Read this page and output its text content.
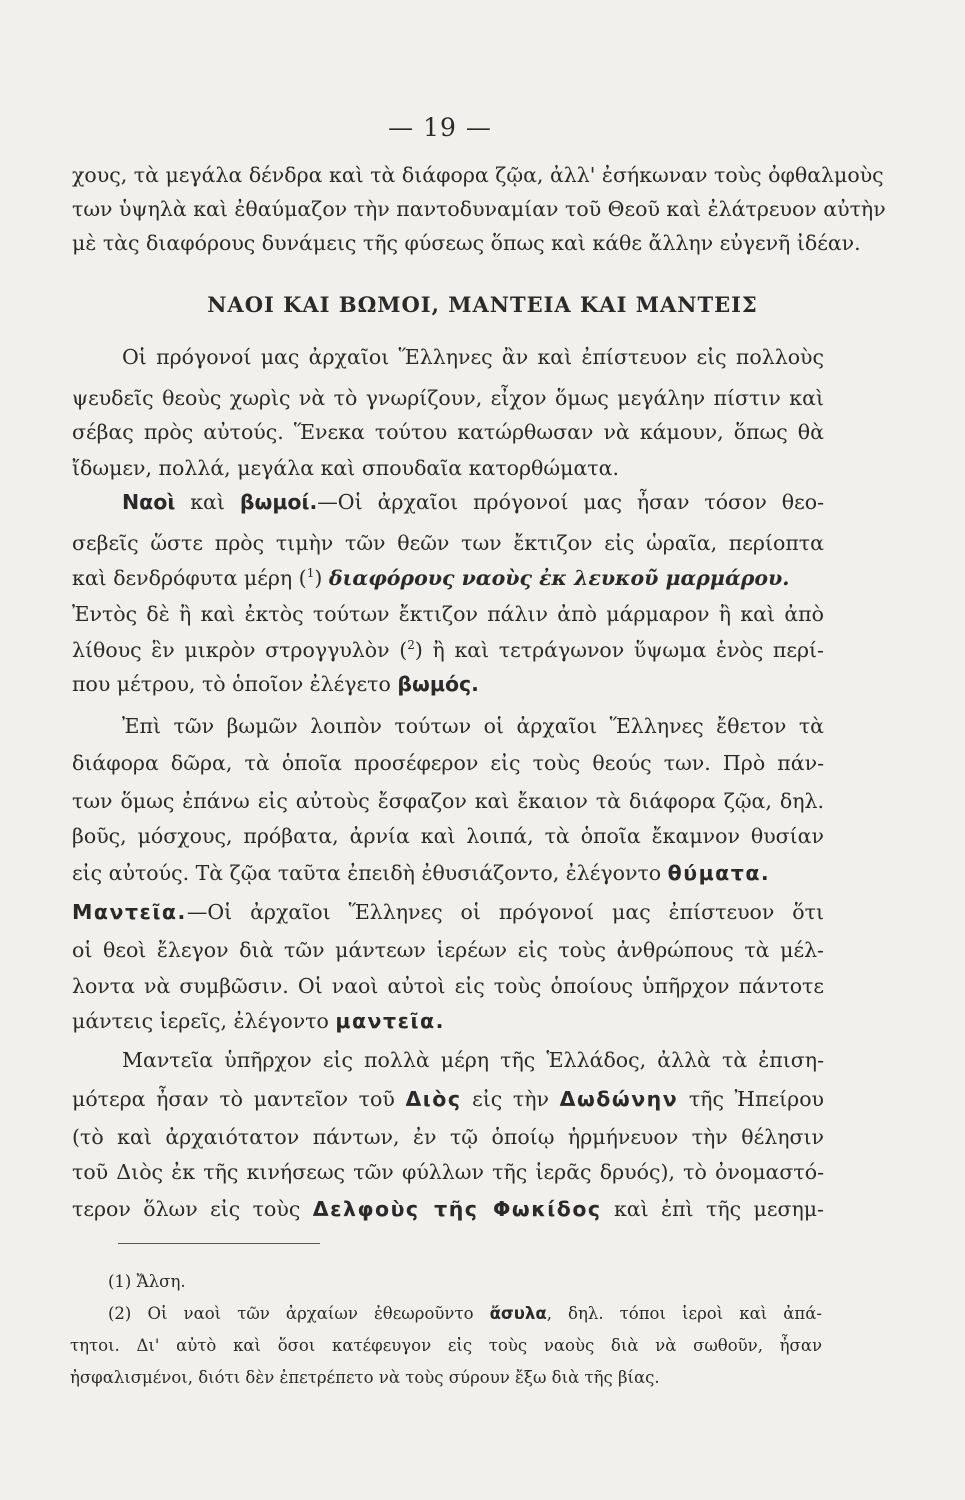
— 19 —

χους, τὰ μεγάλα δένδρα καὶ τὰ διάφορα ζῷα, ἀλλ' ἐσήκωναν τοὺς ὀφθαλμοὺς

των ὑψηλὰ καὶ ἐθαύμαζον τὴν παντοδυναμίαν τοῦ Θεοῦ καὶ ἐλάτρευον αὐτὴν

μὲ τὰς διαφόρους δυνάμεις τῆς φύσεως ὅπως καὶ κάθε ἄλλην εὐγενῆ ἰδέαν.

ΝΑΟΙ ΚΑΙ ΒΩΜΟΙ, ΜΑΝΤΕΙΑ ΚΑΙ ΜΑΝΤΕΙΣ

Οἱ πρόγονοί μας ἀρχαῖοι Ἕλληνες ἂν καὶ ἐπίστευον εἰς πολλοὺς

ψευδεῖς θεοὺς χωρὶς νὰ τὸ γνωρίζουν, εἶχον ὅμως μεγάλην πίστιν καὶ

σέβας πρὸς αὐτούς. Ἕνεκα τούτου κατώρθωσαν νὰ κάμουν, ὅπως θὰ

ἴδωμεν, πολλά, μεγάλα καὶ σπουδαῖα κατορθώματα.

Ναοὶ καὶ βωμοί.—Οἱ ἀρχαῖοι πρόγονοί μας ἦσαν τόσον θεο-

σεβεῖς ὥστε πρὸς τιμὴν τῶν θεῶν των ἔκτιζον εἰς ὡραῖα, περίοπτα

καὶ δενδρόφυτα μέρη ($^1$) διαφόρους ναοὺς ἐκ λευκοῦ μαρμάρου.

Ἐντὸς δὲ ἢ καὶ ἐκτὸς τούτων ἔκτιζον πάλιν ἀπὸ μάρμαρον ἢ καὶ ἀπὸ

λίθους ἓν μικρὸν στρογγυλὸν ($^2$) ἢ καὶ τετράγωνον ὕψωμα ἑνὸς περί-

που μέτρου, τὸ ὁποῖον ἐλέγετο βωμός.

Ἐπὶ τῶν βωμῶν λοιπὸν τούτων οἱ ἀρχαῖοι Ἕλληνες ἔθετον τὰ

διάφορα δῶρα, τὰ ὁποῖα προσέφερον εἰς τοὺς θεούς των. Πρὸ πάν-

των ὅμως ἐπάνω εἰς αὐτοὺς ἔσφαζον καὶ ἔκαιον τὰ διάφορα ζῷα, δηλ.

βοῦς, μόσχους, πρόβατα, ἀρνία καὶ λοιπά, τὰ ὁποῖα ἔκαμνον θυσίαν

εἰς αὐτούς. Τὰ ζῷα ταῦτα ἐπειδὴ ἐθυσιάζοντο, ἐλέγοντο θύματα.

Μαντεῖα.—Οἱ ἀρχαῖοι Ἕλληνες οἱ πρόγονοί μας ἐπίστευον ὅτι

οἱ θεοὶ ἔλεγον διὰ τῶν μάντεων ἱερέων εἰς τοὺς ἀνθρώπους τὰ μέλ-

λοντα νὰ συμβῶσιν. Οἱ ναοὶ αὐτοὶ εἰς τοὺς ὁποίους ὑπῆρχον πάντοτε

μάντεις ἱερεῖς, ἐλέγοντο μαντεῖα.

Μαντεῖα ὑπῆρχον εἰς πολλὰ μέρη τῆς Ἑλλάδος, ἀλλὰ τὰ ἐπιση-

μότερα ἦσαν τὸ μαντεῖον τοῦ Διὸς εἰς τὴν Δωδώνην τῆς Ἠπείρου

(τὸ καὶ ἀρχαιότατον πάντων, ἐν τῷ ὁποίῳ ἡρμήνευον τὴν θέλησιν

τοῦ Διὸς ἐκ τῆς κινήσεως τῶν φύλλων τῆς ἱερᾶς δρυός), τὸ ὀνομαστό-

τερον ὅλων εἰς τοὺς Δελφοὺς τῆς Φωκίδος καὶ ἐπὶ τῆς μεσημ-

(1) Ἄλση.

(2) Οἱ ναοὶ τῶν ἀρχαίων ἐθεωροῦντο ἄσυλα, δηλ. τόποι ἱεροὶ καὶ ἀπά-

τητοι. Δι' αὐτὸ καὶ ὅσοι κατέφευγον εἰς τοὺς ναοὺς διὰ νὰ σωθοῦν, ἦσαν

ἠσφαλισμένοι, διότι δὲν ἐπετρέπετο νὰ τοὺς σύρουν ἔξω διὰ τῆς βίας.
